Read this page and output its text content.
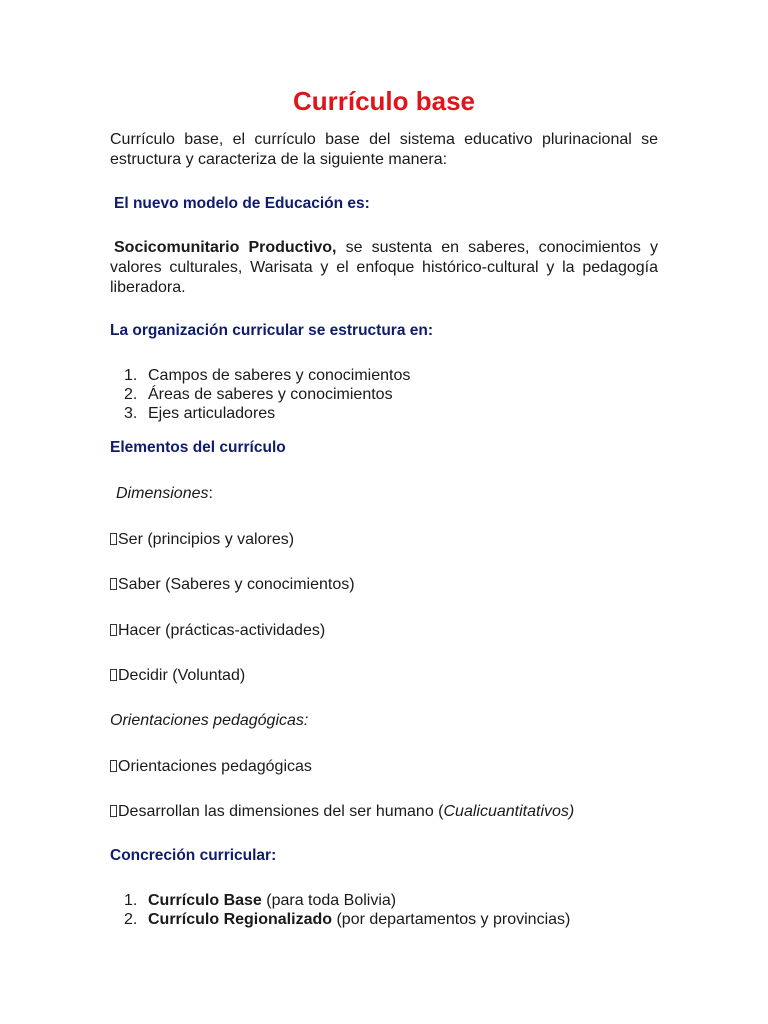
Currículo base

Currículo base, el currículo base del sistema educativo plurinacional se estructura y caracteriza de la siguiente manera:

El nuevo modelo de Educación es:

Socicomunitario Productivo, se sustenta en saberes, conocimientos y valores culturales, Warisata y el enfoque histórico-cultural y la pedagogía liberadora.

La organización curricular se estructura en:

1. Campos de saberes y conocimientos
2. Áreas de saberes y conocimientos
3. Ejes articuladores

Elementos del currículo

Dimensiones:

Ser (principios y valores)

Saber (Saberes y conocimientos)

Hacer (prácticas-actividades)

Decidir (Voluntad)

Orientaciones pedagógicas:

Orientaciones pedagógicas

Desarrollan las dimensiones del ser humano (Cualicuantitativos)

Concreción curricular:

1. Currículo Base (para toda Bolivia)
2. Currículo Regionalizado (por departamentos y provincias)
